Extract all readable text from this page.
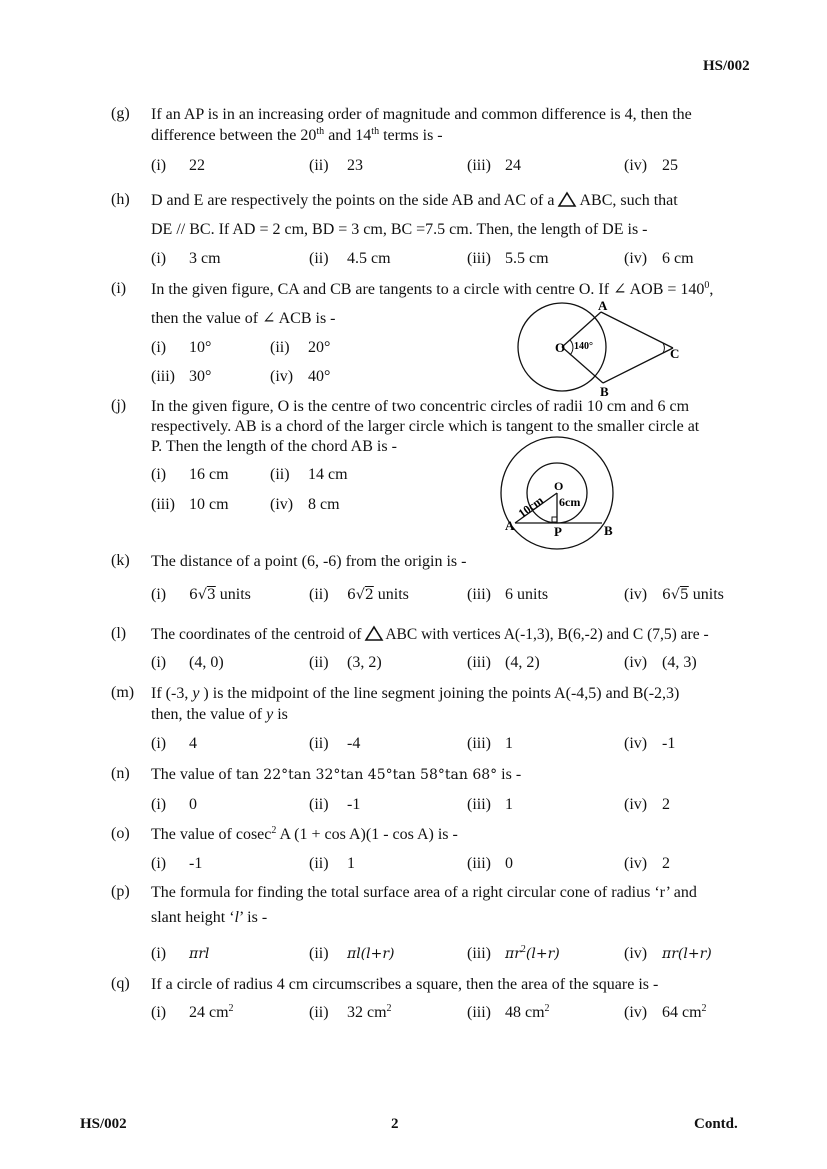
HS/002
(g) If an AP is in an increasing order of magnitude and common difference is 4, then the
difference between the 20th and 14th terms is -
(i) 22	(ii) 23	(iii) 24	(iv) 25
(h) D and E are respectively the points on the side AB and AC of a ABC, such that
DE // BC. If AD = 2 cm, BD = 3 cm, BC =7.5 cm. Then, the length of DE is -
(i) 3 cm	(ii) 4.5 cm	(iii) 5.5 cm	(iv) 6 cm
(i) In the given figure, CA and CB are tangents to a circle with centre O. If ∠ AOB = $140^0$,
then the value of ∠ ACB is -
(i) 10°	(ii) 20°
(iii) 30°	(iv) 40°
O 140°
A
B
C
(j) In the given figure, O is the centre of two concentric circles of radii 10 cm and 6 cm
respectively. AB is a chord of the larger circle which is tangent to the smaller circle at
P. Then the length of the chord AB is -
(i) 16 cm	(ii) 14 cm
(iii) 10 cm	(iv) 8 cm
O
6cm
10cm
A	P	B
(k) The distance of a point (6, -6) from the origin is -
(i) 6√3 units	(ii) 6√2 units	(iii) 6 units	(iv) 6√5 units
(l) The coordinates of the centroid of ABC with vertices A(-1,3), B(6,-2) and C (7,5) are -
(i) (4, 0)	(ii) (3, 2)	(iii) (4, 2)	(iv) (4, 3)
(m) If (-3, y ) is the midpoint of the line segment joining the points A(-4,5) and B(-2,3)
then, the value of y is
(i) 4	(ii) -4	(iii) 1	(iv) -1
(n) The value of tan 22°tan 32°tan 45°tan 58°tan 68° is -
(i) 0	(ii) -1	(iii) 1	(iv) 2
(o) The value of cosec$^2$ A (1 + cos A)(1 - cos A) is -
(i) -1	(ii) 1	(iii) 0	(iv) 2
(p) The formula for finding the total surface area of a right circular cone of radius ‘r’ and
slant height ‘l’ is -
(i) πrl	(ii) πl(l+r)	(iii) $\pi r^2(l+r)$	(iv) πr(l+r)
(q) If a circle of radius 4 cm circumscribes a square, then the area of the square is -
(i) 24 $cm^2$	(ii) 32 $cm^2$	(iii) 48 $cm^2$	(iv) 64 $cm^2$
HS/002	2	Contd.
